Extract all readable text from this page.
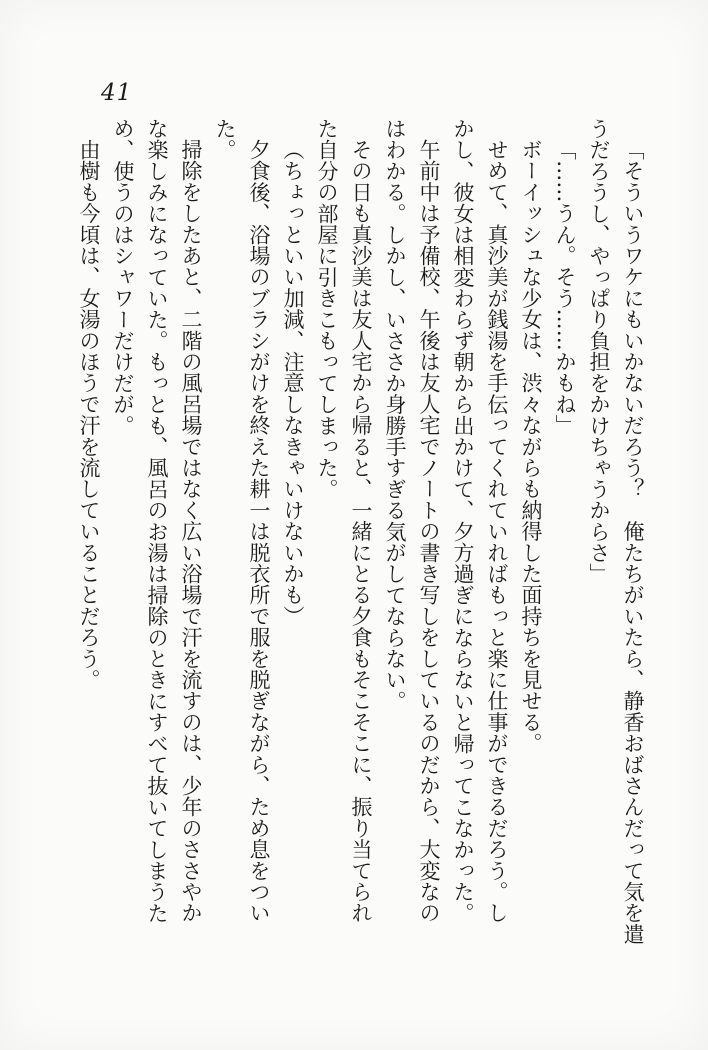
41
「そういうワケにもいかないだろう？　俺たちがいたら、静香おばさんだって気を遣
うだろうし、やっぱり負担をかけちゃうからさ」
「……うん。そう……かもね」
ボーイッシュな少女は、渋々ながらも納得した面持ちを見せる。
せめて、真沙美が銭湯を手伝ってくれていればもっと楽に仕事ができるだろう。し
かし、彼女は相変わらず朝から出かけて、夕方過ぎにならないと帰ってこなかった。
午前中は予備校、午後は友人宅でノートの書き写しをしているのだから、大変なの
はわかる。しかし、いささか身勝手すぎる気がしてならない。
その日も真沙美は友人宅から帰ると、一緒にとる夕食もそこそこに、振り当てられ
た自分の部屋に引きこもってしまった。
（ちょっといい加減、注意しなきゃいけないかも）
夕食後、浴場のブラシがけを終えた耕一は脱衣所で服を脱ぎながら、ため息をつい
た。
掃除をしたあと、二階の風呂場ではなく広い浴場で汗を流すのは、少年のささやか
な楽しみになっていた。もっとも、風呂のお湯は掃除のときにすべて抜いてしまうた
め、使うのはシャワーだけだが。
由樹も今頃は、女湯のほうで汗を流していることだろう。
